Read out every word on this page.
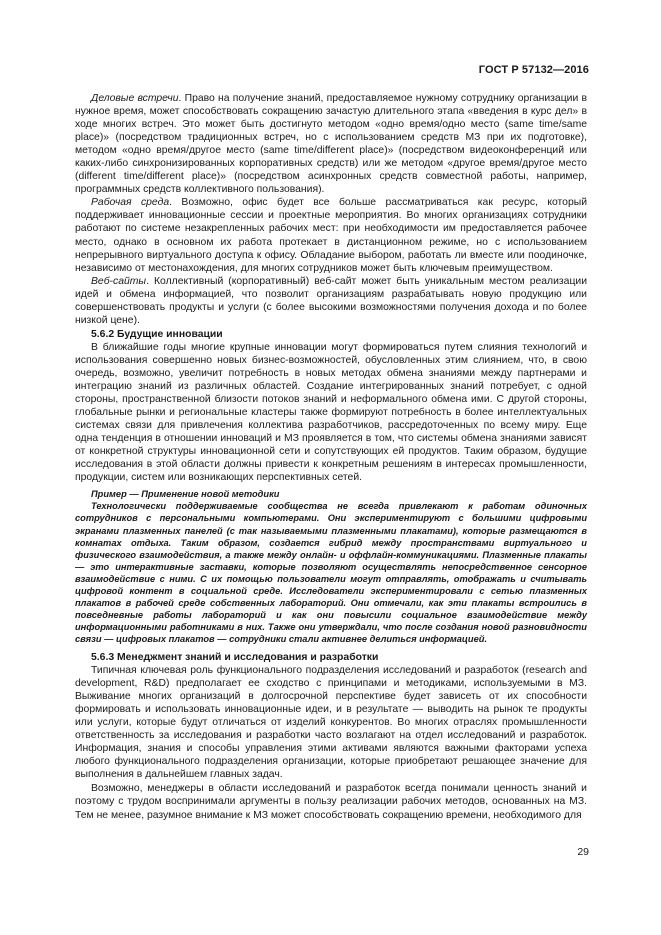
ГОСТ Р 57132—2016

Деловые встречи. Право на получение знаний, предоставляемое нужному сотруднику организации в нужное время, может способствовать сокращению зачастую длительного этапа «введения в курс дел» в ходе многих встреч. Это может быть достигнуто методом «одно время/одно место (same time/same place)» (посредством традиционных встреч, но с использованием средств МЗ при их подготовке), методом «одно время/другое место (same time/different place)» (посредством видеоконференций или каких-либо синхронизированных корпоративных средств) или же методом «другое время/другое место (different time/different place)» (посредством асинхронных средств совместной работы, например, программных средств коллективного пользования).

Рабочая среда. Возможно, офис будет все больше рассматриваться как ресурс, который поддерживает инновационные сессии и проектные мероприятия. Во многих организациях сотрудники работают по системе незакрепленных рабочих мест: при необходимости им предоставляется рабочее место, однако в основном их работа протекает в дистанционном режиме, но с использованием непрерывного виртуального доступа к офису. Обладание выбором, работать ли вместе или поодиночке, независимо от местонахождения, для многих сотрудников может быть ключевым преимуществом.

Веб-сайты. Коллективный (корпоративный) веб-сайт может быть уникальным местом реализации идей и обмена информацией, что позволит организациям разрабатывать новую продукцию или совершенствовать продукты и услуги (с более высокими возможностями получения дохода и по более низкой цене).

5.6.2 Будущие инновации

В ближайшие годы многие крупные инновации могут формироваться путем слияния технологий и использования совершенно новых бизнес-возможностей, обусловленных этим слиянием, что, в свою очередь, возможно, увеличит потребность в новых методах обмена знаниями между партнерами и интеграцию знаний из различных областей. Создание интегрированных знаний потребует, с одной стороны, пространственной близости потоков знаний и неформального обмена ими. С другой стороны, глобальные рынки и региональные кластеры также формируют потребность в более интеллектуальных системах связи для привлечения коллектива разработчиков, рассредоточенных по всему миру. Еще одна тенденция в отношении инноваций и МЗ проявляется в том, что системы обмена знаниями зависят от конкретной структуры инновационной сети и сопутствующих ей продуктов. Таким образом, будущие исследования в этой области должны привести к конкретным решениям в интересах промышленности, продукции, систем или возникающих перспективных сетей.

Пример — Применение новой методики

Технологически поддерживаемые сообщества не всегда привлекают к работам одиночных сотрудников с персональными компьютерами. Они экспериментируют с большими цифровыми экранами плазменных панелей (с так называемыми плазменными плакатами), которые размещаются в комнатах отдыха. Таким образом, создается гибрид между пространствами виртуального и физического взаимодействия, а также между онлайн- и оффлайн-коммуникациями. Плазменные плакаты — это интерактивные заставки, которые позволяют осуществлять непосредственное сенсорное взаимодействие с ними. С их помощью пользователи могут отправлять, отображать и считывать цифровой контент в социальной среде. Исследователи экспериментировали с сетью плазменных плакатов в рабочей среде собственных лабораторий. Они отмечали, как эти плакаты встроились в повседневные работы лабораторий и как они повысили социальное взаимодействие между информационными работниками в них. Также они утверждали, что после создания новой разновидности связи — цифровых плакатов — сотрудники стали активнее делиться информацией.

5.6.3 Менеджмент знаний и исследования и разработки

Типичная ключевая роль функционального подразделения исследований и разработок (research and development, R&D) предполагает ее сходство с принципами и методиками, используемыми в МЗ. Выживание многих организаций в долгосрочной перспективе будет зависеть от их способности формировать и использовать инновационные идеи, и в результате — выводить на рынок те продукты или услуги, которые будут отличаться от изделий конкурентов. Во многих отраслях промышленности ответственность за исследования и разработки часто возлагают на отдел исследований и разработок. Информация, знания и способы управления этими активами являются важными факторами успеха любого функционального подразделения организации, которые приобретают решающее значение для выполнения в дальнейшем главных задач.

Возможно, менеджеры в области исследований и разработок всегда понимали ценность знаний и поэтому с трудом воспринимали аргументы в пользу реализации рабочих методов, основанных на МЗ. Тем не менее, разумное внимание к МЗ может способствовать сокращению времени, необходимого для

29
